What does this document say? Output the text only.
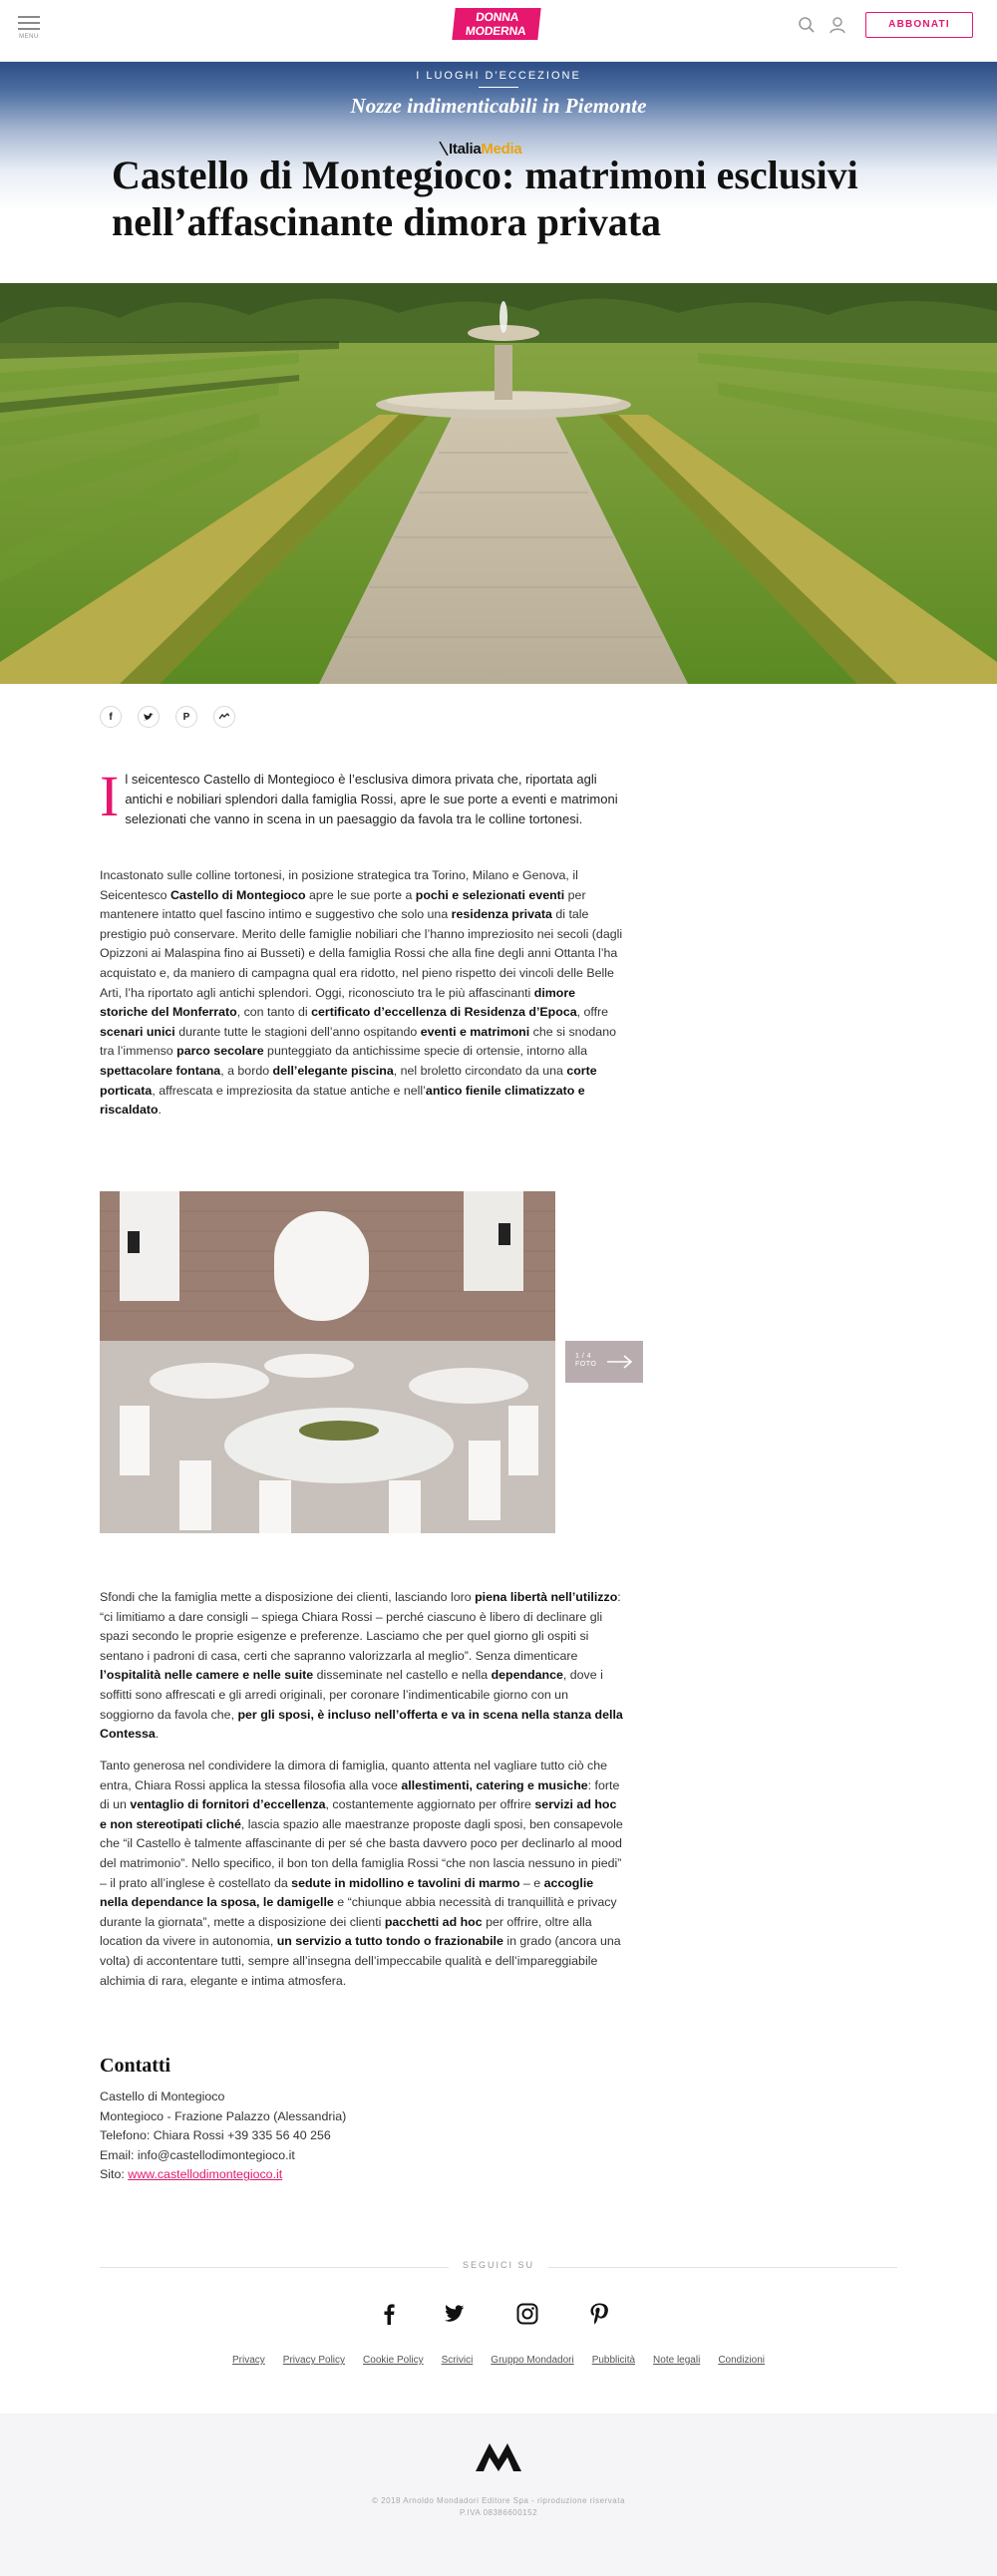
MENU
DONNA
MODERNA	ABBONATI
I LUOGHI D'ECCEZIONE
Nozze indimenticabili in Piemonte
ItaliaMedia
Castello di Montegioco: matrimoni esclusivi nell’affascinante dimora privata
f	P
Il seicentesco Castello di Montegioco è l’esclusiva dimora privata che, riportata agli antichi e nobiliari splendori dalla famiglia Rossi, apre le sue porte a eventi e matrimoni selezionati che vanno in scena in un paesaggio da favola tra le colline tortonesi.
Incastonato sulle colline tortonesi, in posizione strategica tra Torino, Milano e Genova, il Seicentesco Castello di Montegioco apre le sue porte a pochi e selezionati eventi per mantenere intatto quel fascino intimo e suggestivo che solo una residenza privata di tale prestigio può conservare. Merito delle famiglie nobiliari che l’hanno impreziosito nei secoli (dagli Opizzoni ai Malaspina fino ai Busseti) e della famiglia Rossi che alla fine degli anni Ottanta l’ha acquistato e, da maniero di campagna qual era ridotto, nel pieno rispetto dei vincoli delle Belle Arti, l’ha riportato agli antichi splendori. Oggi, riconosciuto tra le più affascinanti dimore storiche del Monferrato, con tanto di certificato d’eccellenza di Residenza d’Epoca, offre scenari unici durante tutte le stagioni dell’anno ospitando eventi e matrimoni che si snodano tra l’immenso parco secolare punteggiato da antichissime specie di ortensie, intorno alla spettacolare fontana, a bordo dell’elegante piscina, nel broletto circondato da una corte porticata, affrescata e impreziosita da statue antiche e nell’antico fienile climatizzato e riscaldato.
1 / 4
FOTO
Sfondi che la famiglia mette a disposizione dei clienti, lasciando loro piena libertà nell’utilizzo: “ci limitiamo a dare consigli – spiega Chiara Rossi – perché ciascuno è libero di declinare gli spazi secondo le proprie esigenze e preferenze. Lasciamo che per quel giorno gli ospiti si sentano i padroni di casa, certi che sapranno valorizzarla al meglio”. Senza dimenticare l’ospitalità nelle camere e nelle suite disseminate nel castello e nella dependance, dove i soffitti sono affrescati e gli arredi originali, per coronare l’indimenticabile giorno con un soggiorno da favola che, per gli sposi, è incluso nell’offerta e va in scena nella stanza della Contessa.
Tanto generosa nel condividere la dimora di famiglia, quanto attenta nel vagliare tutto ciò che entra, Chiara Rossi applica la stessa filosofia alla voce allestimenti, catering e musiche: forte di un ventaglio di fornitori d’eccellenza, costantemente aggiornato per offrire servizi ad hoc e non stereotipati cliché, lascia spazio alle maestranze proposte dagli sposi, ben consapevole che “il Castello è talmente affascinante di per sé che basta davvero poco per declinarlo al mood del matrimonio”. Nello specifico, il bon ton della famiglia Rossi “che non lascia nessuno in piedi” – il prato all’inglese è costellato da sedute in midollino e tavolini di marmo – e accoglie nella dependance la sposa, le damigelle e “chiunque abbia necessità di tranquillità e privacy durante la giornata”, mette a disposizione dei clienti pacchetti ad hoc per offrire, oltre alla location da vivere in autonomia, un servizio a tutto tondo o frazionabile in grado (ancora una volta) di accontentare tutti, sempre all’insegna dell’impeccabile qualità e dell’impareggiabile alchimia di rara, elegante e intima atmosfera.
Contatti
Castello di Montegioco
Montegioco - Frazione Palazzo (Alessandria)
Telefono: Chiara Rossi +39 335 56 40 256
Email: info@castellodimontegioco.it
Sito: www.castellodimontegioco.it
SEGUICI SU
Privacy Privacy Policy Cookie Policy Scrivici Gruppo Mondadori Pubblicità Note legali Condizioni
© 2018 Arnoldo Mondadori Editore Spa - riproduzione riservata
P.IVA 08386600152
